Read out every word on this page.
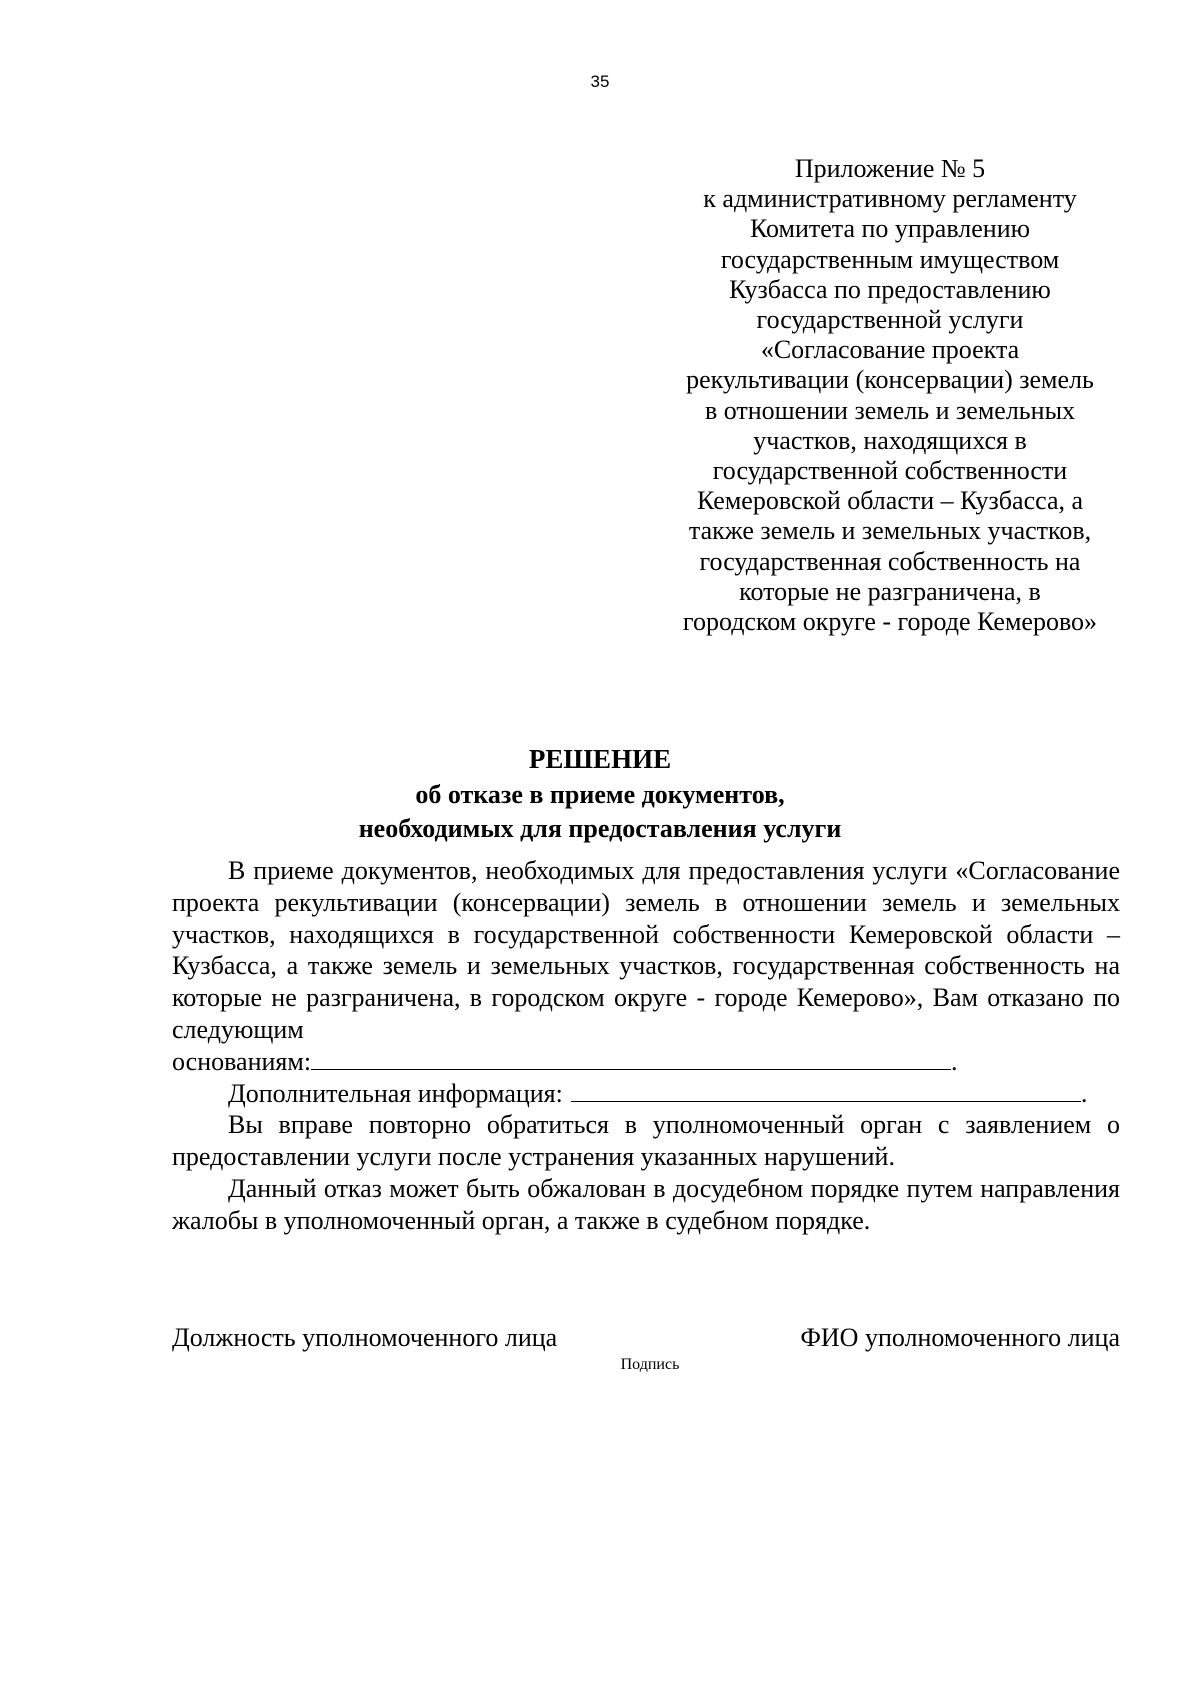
35
Приложение № 5
к административному регламенту
Комитета по управлению
государственным имуществом
Кузбасса по предоставлению
государственной услуги
«Согласование проекта
рекультивации (консервации) земель
в отношении земель и земельных
участков, находящихся в
государственной собственности
Кемеровской области – Кузбасса, а
также земель и земельных участков,
государственная собственность на
которые не разграничена, в
городском округе - городе Кемерово»
РЕШЕНИЕ
об отказе в приеме документов,
необходимых для предоставления услуги

В приеме документов, необходимых для предоставления услуги «Согласование проекта рекультивации (консервации) земель в отношении земель и земельных участков, находящихся в государственной собственности Кемеровской области – Кузбасса, а также земель и земельных участков, государственная собственность на которые не разграничена, в городском округе - городе Кемерово», Вам отказано по следующим

основаниям:	.

Дополнительная информация:	.

Вы вправе повторно обратиться в уполномоченный орган с заявлением о предоставлении услуги после устранения указанных нарушений.

Данный отказ может быть обжалован в досудебном порядке путем направления жалобы в уполномоченный орган, а также в судебном порядке.

Должность уполномоченного лица	ФИО уполномоченного лица
Подпись
